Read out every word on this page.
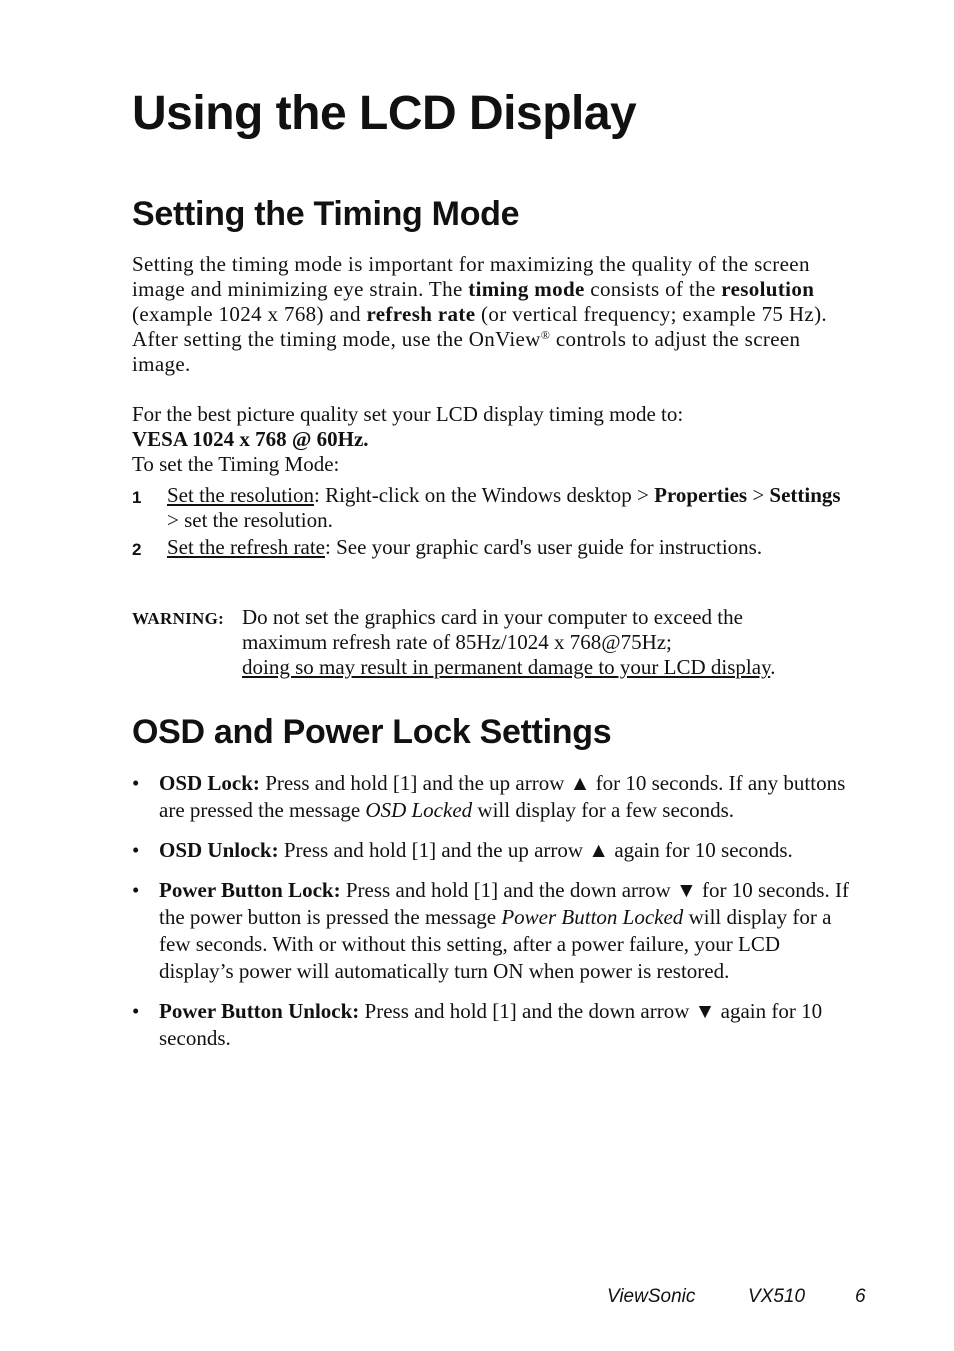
Using the LCD Display
Setting the Timing Mode

Setting the timing mode is important for maximizing the quality of the screen image and minimizing eye strain. The timing mode consists of the resolution (example 1024 x 768) and refresh rate (or vertical frequency; example 75 Hz). After setting the timing mode, use the OnView® controls to adjust the screen image.

For the best picture quality set your LCD display timing mode to:
VESA 1024 x 768 @ 60Hz.
To set the Timing Mode:
1 Set the resolution: Right-click on the Windows desktop > Properties > Settings > set the resolution.
2 Set the refresh rate: See your graphic card's user guide for instructions.
WARNING: Do not set the graphics card in your computer to exceed the
maximum refresh rate of 85Hz/1024 x 768@75Hz;
doing so may result in permanent damage to your LCD display.
OSD and Power Lock Settings
• OSD Lock: Press and hold [1] and the up arrow ▲ for 10 seconds. If any buttons are pressed the message OSD Locked will display for a few seconds.
• OSD Unlock: Press and hold [1] and the up arrow ▲ again for 10 seconds.
• Power Button Lock: Press and hold [1] and the down arrow ▼ for 10 seconds. If the power button is pressed the message Power Button Locked will display for a few seconds. With or without this setting, after a power failure, your LCD display’s power will automatically turn ON when power is restored.
• Power Button Unlock: Press and hold [1] and the down arrow ▼ again for 10 seconds.
ViewSonic	VX510	6
